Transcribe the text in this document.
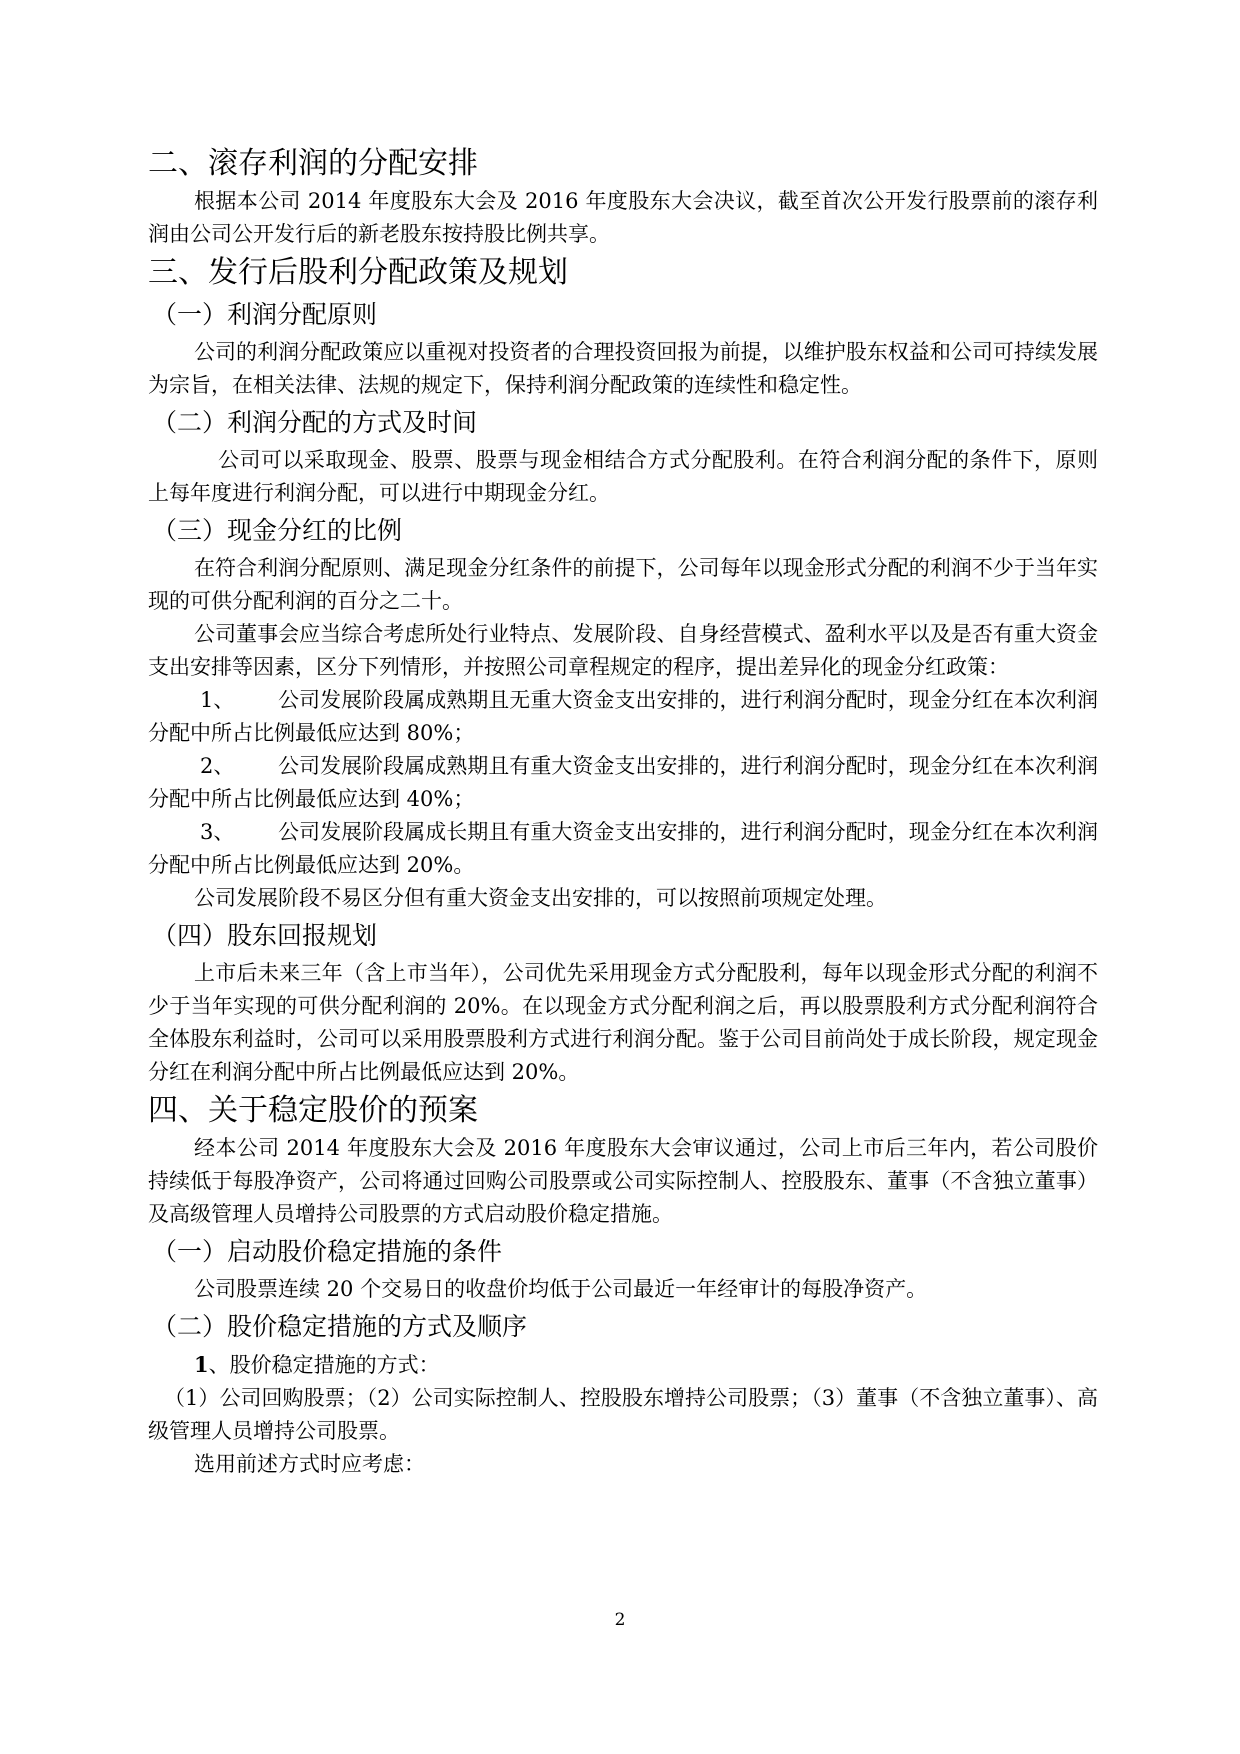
二、滚存利润的分配安排

根据本公司 2014 年度股东大会及 2016 年度股东大会决议，截至首次公开发行股票前的滚存利润由公司公开发行后的新老股东按持股比例共享。

三、发行后股利分配政策及规划
（一）利润分配原则

公司的利润分配政策应以重视对投资者的合理投资回报为前提，以维护股东权益和公司可持续发展为宗旨，在相关法律、法规的规定下，保持利润分配政策的连续性和稳定性。

（二）利润分配的方式及时间

公司可以采取现金、股票、股票与现金相结合方式分配股利。在符合利润分配的条件下，原则上每年度进行利润分配，可以进行中期现金分红。

（三）现金分红的比例

在符合利润分配原则、满足现金分红条件的前提下，公司每年以现金形式分配的利润不少于当年实现的可供分配利润的百分之二十。

公司董事会应当综合考虑所处行业特点、发展阶段、自身经营模式、盈利水平以及是否有重大资金支出安排等因素，区分下列情形，并按照公司章程规定的程序，提出差异化的现金分红政策：

1、 公司发展阶段属成熟期且无重大资金支出安排的，进行利润分配时，现金分红在本次利润分配中所占比例最低应达到 80%；

2、 公司发展阶段属成熟期且有重大资金支出安排的，进行利润分配时，现金分红在本次利润分配中所占比例最低应达到 40%；

3、 公司发展阶段属成长期且有重大资金支出安排的，进行利润分配时，现金分红在本次利润分配中所占比例最低应达到 20%。

公司发展阶段不易区分但有重大资金支出安排的，可以按照前项规定处理。

（四）股东回报规划

上市后未来三年（含上市当年），公司优先采用现金方式分配股利，每年以现金形式分配的利润不少于当年实现的可供分配利润的 20%。在以现金方式分配利润之后，再以股票股利方式分配利润符合全体股东利益时，公司可以采用股票股利方式进行利润分配。鉴于公司目前尚处于成长阶段，规定现金分红在利润分配中所占比例最低应达到 20%。

四、关于稳定股价的预案

经本公司 2014 年度股东大会及 2016 年度股东大会审议通过，公司上市后三年内，若公司股价持续低于每股净资产，公司将通过回购公司股票或公司实际控制人、控股股东、董事（不含独立董事）及高级管理人员增持公司股票的方式启动股价稳定措施。

（一）启动股价稳定措施的条件

公司股票连续 20 个交易日的收盘价均低于公司最近一年经审计的每股净资产。

（二）股价稳定措施的方式及顺序

1、股价稳定措施的方式：

（1）公司回购股票；（2）公司实际控制人、控股股东增持公司股票；（3）董事（不含独立董事）、高级管理人员增持公司股票。

选用前述方式时应考虑：

2
